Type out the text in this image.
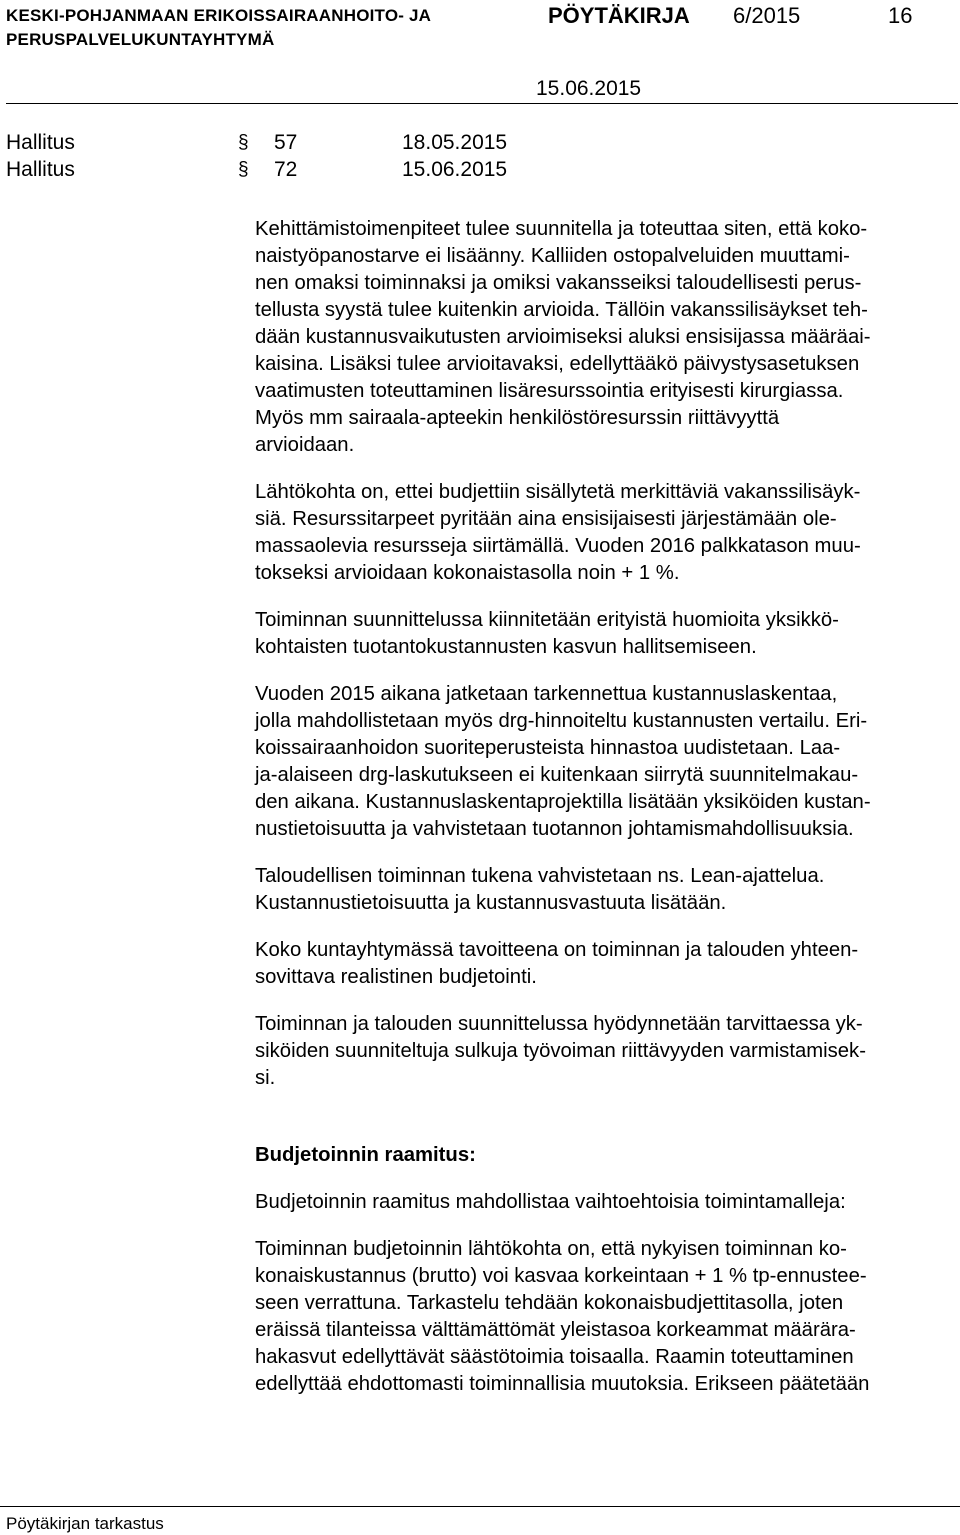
KESKI-POHJANMAAN ERIKOISSAIRAANHOITO- JA
PERUSPALVELUKUNTAYHTYMÄ
PÖYTÄKIRJA 6/2015	16
15.06.2015
Hallitus	§ 57	18.05.2015
Hallitus	§ 72	15.06.2015

Kehittämistoimenpiteet tulee suunnitella ja toteuttaa siten, että koko-
naistyöpanostarve ei lisäänny. Kalliiden ostopalveluiden muuttami-
nen omaksi toiminnaksi ja omiksi vakansseiksi taloudellisesti perus-
tellusta syystä tulee kuitenkin arvioida. Tällöin vakanssilisäykset teh-
dään kustannusvaikutusten arvioimiseksi aluksi ensisijassa määräai-
kaisina. Lisäksi tulee arvioitavaksi, edellyttääkö päivystysasetuksen
vaatimusten toteuttaminen lisäresurssointia erityisesti kirurgiassa.
Myös mm sairaala-apteekin henkilöstöresurssin riittävyyttä
arvioidaan.

Lähtökohta on, ettei budjettiin sisällytetä merkittäviä vakanssilisäyk-
siä. Resurssitarpeet pyritään aina ensisijaisesti järjestämään ole-
massaolevia resursseja siirtämällä. Vuoden 2016 palkkatason muu-
tokseksi arvioidaan kokonaistasolla noin + 1 %.

Toiminnan suunnittelussa kiinnitetään erityistä huomioita yksikkö-
kohtaisten tuotantokustannusten kasvun hallitsemiseen.

Vuoden 2015 aikana jatketaan tarkennettua kustannuslaskentaa,
jolla mahdollistetaan myös drg-hinnoiteltu kustannusten vertailu. Eri-
koissairaanhoidon suoriteperusteista hinnastoa uudistetaan. Laa-
ja-alaiseen drg-laskutukseen ei kuitenkaan siirrytä suunnitelmakau-
den aikana. Kustannuslaskentaprojektilla lisätään yksiköiden kustan-
nustietoisuutta ja vahvistetaan tuotannon johtamismahdollisuuksia.

Taloudellisen toiminnan tukena vahvistetaan ns. Lean-ajattelua.
Kustannustietoisuutta ja kustannusvastuuta lisätään.

Koko kuntayhtymässä tavoitteena on toiminnan ja talouden yhteen-
sovittava realistinen budjetointi.

Toiminnan ja talouden suunnittelussa hyödynnetään tarvittaessa yk-
siköiden suunniteltuja sulkuja työvoiman riittävyyden varmistamisek-
si.

Budjetoinnin raamitus:

Budjetoinnin raamitus mahdollistaa vaihtoehtoisia toimintamalleja:

Toiminnan budjetoinnin lähtökohta on, että nykyisen toiminnan ko-
konaiskustannus (brutto) voi kasvaa korkeintaan + 1 % tp-ennustee-
seen verrattuna. Tarkastelu tehdään kokonaisbudjettitasolla, joten
eräissä tilanteissa välttämättömät yleistasoa korkeammat määrära-
hakasvut edellyttävät säästötoimia toisaalla. Raamin toteuttaminen
edellyttää ehdottomasti toiminnallisia muutoksia. Erikseen päätetään

Pöytäkirjan tarkastus
